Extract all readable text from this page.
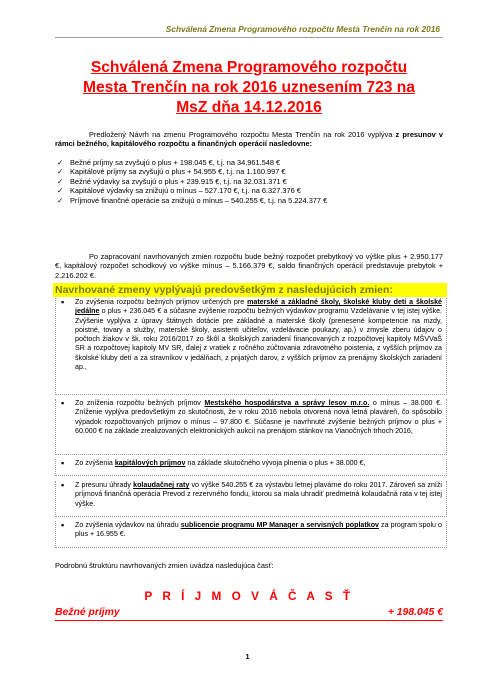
Schválená Zmena Programového rozpočtu Mesta Trenčín na rok 2016
Schválená Zmena Programového rozpočtu
Mesta Trenčín na rok 2016 uznesením 723 na
MsZ dňa 14.12.2016
Predložený Návrh na zmenu Programového rozpočtu Mesta Trenčín na rok 2016 vyplýva z presunov v rámci bežného, kapitálového rozpočtu a finančných operácií nasledovne:
✓ Bežné príjmy sa zvyšujú o plus + 198.045 €, t.j. na 34.961.548 €
✓ Kapitálové príjmy sa zvyšujú o plus + 54.955 €, t.j. na 1.160.997 €
✓ Bežné výdavky sa zvyšujú o plus + 239.915 €, t.j. na 32.031.371 €
✓ Kapitálové výdavky sa znižujú o mínus – 527.170 €, t.j. na 6.327.376 €
✓ Príjmové finančné operácie sa znižujú o mínus – 540.255 €, t.j. na 5.224.377 €
Po zapracovaní navrhovaných zmien rozpočtu bude bežný rozpočet prebytkový vo výške plus + 2.950.177 €, kapitálový rozpočet schodkový vo výške mínus – 5.166.379 €, saldo finančných operácií predstavuje prebytok + 2.216.202 €.
Navrhované zmeny vyplývajú predovšetkým z nasledujúcich zmien:
▪ Zo zvýšenia rozpočtu bežných príjmov určených pre materské a základné školy, školské kluby detí a školské jedálne o plus + 236.045 € a súčasne zvýšenie rozpočtu bežných výdavkov programu Vzdelávanie v tej istej výške. Zvýšenie vyplýva z úpravy štátnych dotácie pre základné a materské školy (prenesené kompetencie na mzdy, poistné, tovary a služby, materské školy, asistenti učiteľov, vzdelávacie poukazy, ap.) v zmysle zberu údajov o počtoch žiakov v šk. roku 2016/2017 zo škôl a školských zariadení financovaných z rozpočtovej kapitoly MŠVVaŠ SR a rozpočtovej kapitoly MV SR, ďalej z vratiek z ročného zúčtovania zdravotného poistenia, z vyšších príjmov za školské kluby detí a za stravníkov v jedálňach, z prijatých darov, z vyšších príjmov za prenájmy školských zariadení ap.,
▪ Zo zníženia rozpočtu bežných príjmov Mestského hospodárstva a správy lesov m.r.o. o mínus – 38.000 €. Zníženie vyplýva predovšetkým zo skutočnosti, že v roku 2016 nebola otvorená nová letná plaváreň, čo spôsobilo výpadok rozpočtovaných príjmov o mínus – 97.800 €. Súčasne je navrhnuté zvýšenie bežných príjmov o plus + 60.000 € na základe zrealizovaných elektronických aukcií na prenájom stánkov na Vianočných trhoch 2016,
▪ Zo zvýšenia kapitálových príjmov na základe skutočného vývoja plnenia o plus + 38.000 €,
▪ Z presunu úhrady kolaudačnej raty vo výške 540.255 € za výstavbu letnej plavárne do roku 2017. Zároveň sa zníži príjmová finančná operácia Prevod z rezervného fondu, ktorou sa mala uhradiť predmetná kolaudačná rata v tej istej výške.
▪ Zo zvýšenia výdavkov na úhradu sublicencie programu MP Manager a servisných poplatkov za program spolu o plus + 16.955 €.
Podrobnú štruktúru navrhovaných zmien uvádza nasledujúca časť:
P R Í J M O V Á Č A S Ť
Bežné príjmy	+ 198.045 €
1
